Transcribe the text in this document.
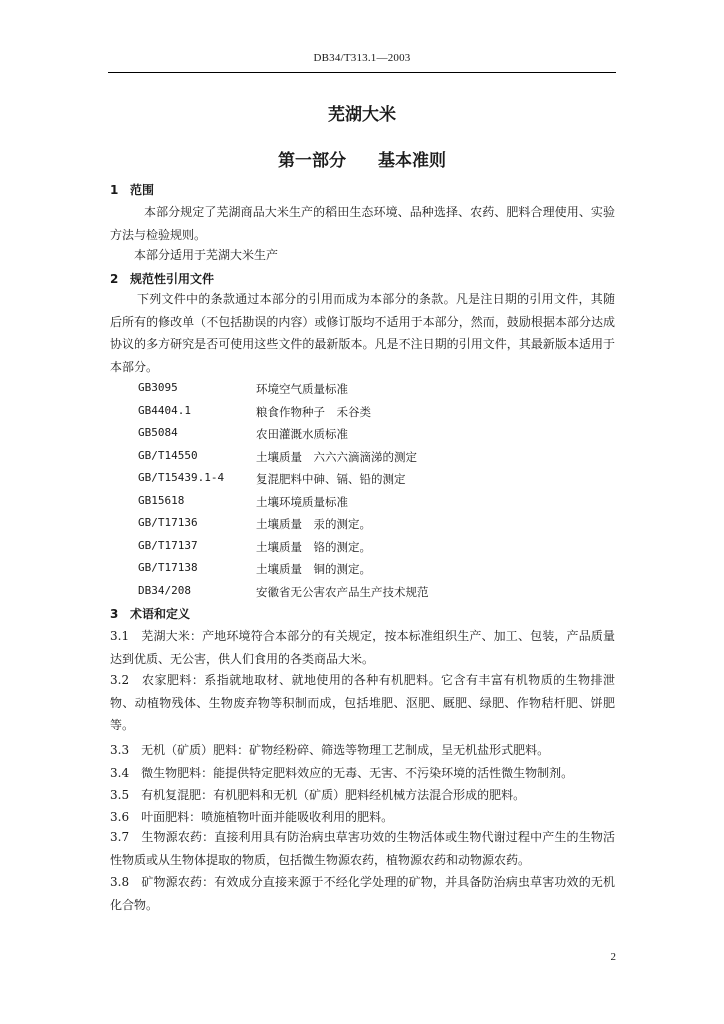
DB34/T313.1—2003
芜湖大米
第一部分 基本准则
1 范围
本部分规定了芜湖商品大米生产的稻田生态环境、品种选择、农药、肥料合理使用、实验方法与检验规则。
本部分适用于芜湖大米生产
2 规范性引用文件
下列文件中的条款通过本部分的引用而成为本部分的条款。凡是注日期的引用文件，其随后所有的修改单（不包括勘误的内容）或修订版均不适用于本部分，然而，鼓励根据本部分达成协议的多方研究是否可使用这些文件的最新版本。凡是不注日期的引用文件，其最新版本适用于本部分。
GB3095	环境空气质量标准
GB4404.1	粮食作物种子　禾谷类
GB5084	农田灌溉水质标准
GB/T14550	土壤质量　六六六滴滴涕的测定
GB/T15439.1-4	复混肥料中砷、镉、铅的测定
GB15618	土壤环境质量标准
GB/T17136	土壤质量　汞的测定。
GB/T17137	土壤质量　铬的测定。
GB/T17138	土壤质量　铜的测定。
DB34/208	安徽省无公害农产品生产技术规范
3 术语和定义
3.1　芜湖大米：产地环境符合本部分的有关规定，按本标准组织生产、加工、包装，产品质量达到优质、无公害，供人们食用的各类商品大米。
3.2　农家肥料：系指就地取材、就地使用的各种有机肥料。它含有丰富有机物质的生物排泄物、动植物残体、生物废弃物等积制而成，包括堆肥、沤肥、厩肥、绿肥、作物秸杆肥、饼肥等。
3.3　无机（矿质）肥料：矿物经粉碎、筛选等物理工艺制成，呈无机盐形式肥料。
3.4　微生物肥料：能提供特定肥料效应的无毒、无害、不污染环境的活性微生物制剂。
3.5　有机复混肥：有机肥料和无机（矿质）肥料经机械方法混合形成的肥料。
3.6　叶面肥料：喷施植物叶面并能吸收利用的肥料。
3.7　生物源农药：直接利用具有防治病虫草害功效的生物活体或生物代谢过程中产生的生物活性物质或从生物体提取的物质，包括微生物源农药，植物源农药和动物源农药。
3.8　矿物源农药：有效成分直接来源于不经化学处理的矿物，并具备防治病虫草害功效的无机化合物。
2
